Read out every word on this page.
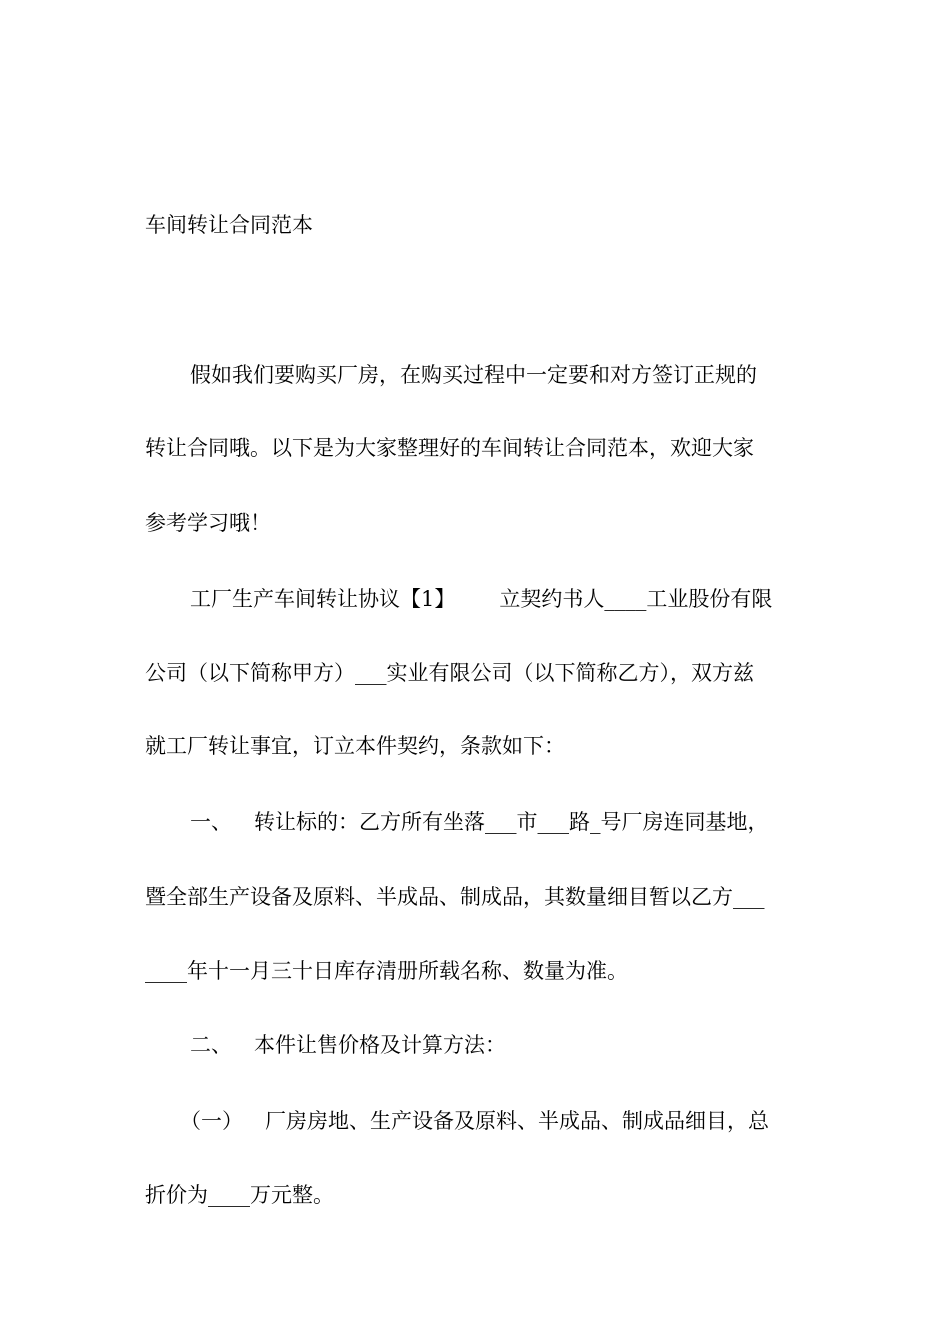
车间转让合同范本
假如我们要购买厂房，在购买过程中一定要和对方签订正规的
转让合同哦。以下是为大家整理好的车间转让合同范本，欢迎大家
参考学习哦！
工厂生产车间转让协议【1】 立契约书人____工业股份有限
公司（以下简称甲方）___实业有限公司（以下简称乙方），双方兹
就工厂转让事宜，订立本件契约，条款如下：
一、 转让标的：乙方所有坐落___市___路_号厂房连同基地，
暨全部生产设备及原料、半成品、制成品，其数量细目暂以乙方___
____年十一月三十日库存清册所载名称、数量为准。
二、 本件让售价格及计算方法：
（一） 厂房房地、生产设备及原料、半成品、制成品细目，总
折价为____万元整。
